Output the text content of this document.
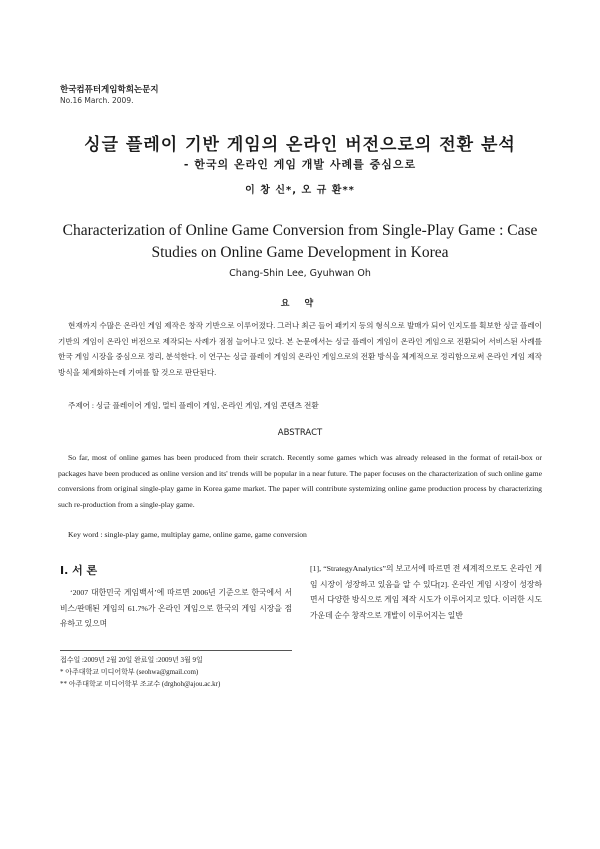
한국컴퓨터게임학회논문지
No.16 March. 2009.
싱글 플레이 기반 게임의 온라인 버전으로의 전환 분석
- 한국의 온라인 게임 개발 사례를 중심으로
이 창 신*, 오 규 환**
Characterization of Online Game Conversion from Single-Play Game : Case Studies on Online Game Development in Korea
Chang-Shin Lee, Gyuhwan Oh
요 약
현재까지 수많은 온라인 게임 제작은 창작 기반으로 이루어졌다. 그러나 최근 들어 패키지 등의 형식으로 발매가 되어 인지도를 획보한 싱글 플레이 기반의 게임이 온라인 버전으로 제작되는 사례가 점점 늘어나고 있다. 본 논문에서는 싱글 플레이 게임이 온라인 게임으로 전환되어 서비스된 사례를 한국 게임 시장을 중심으로 정리, 분석한다. 이 연구는 싱글 플레이 게임의 온라인 게임으로의 전환 방식을 체계적으로 정리함으로써 온라인 게임 제작 방식을 체계화하는데 기여를 할 것으로 판단된다.
주제어 : 싱글 플레이어 게임, 멀티 플레이 게임, 온라인 게임, 게임 콘텐츠 전환
ABSTRACT
So far, most of online games has been produced from their scratch. Recently some games which was already released in the format of retail-box or packages have been produced as online version and its' trends will be popular in a near future. The paper focuses on the characterization of such online game conversions from original single-play game in Korea game market. The paper will contribute systemizing online game production process by characterizing such re-production from a single-play game.
Key word : single-play game, multiplay game, online game, game conversion
Ⅰ. 서 론
‘2007 대한민국 게임백서’에 따르면 2006년 기준으로 한국에서 서비스/판매된 게임의 61.7%가 온라인 게임으로 한국의 게임 시장을 점유하고 있으며
[1], “StrategyAnalytics”의 보고서에 따르면 전 세계적으로도 온라인 게임 시장이 성장하고 있음을 알 수 있다[2]. 온라인 게임 시장이 성장하면서 다양한 방식으로 게임 제작 시도가 이루어지고 있다. 이러한 시도 가운데 순수 창작으로 개발이 이루어지는 일반
접수일 :2009년 2월 20일 완료일 :2009년 3월 9일
* 아주대학교 미디어학부 (seohwa@gmail.com)
** 아주대학교 미디어학부 조교수 (drghoh@ajou.ac.kr)
